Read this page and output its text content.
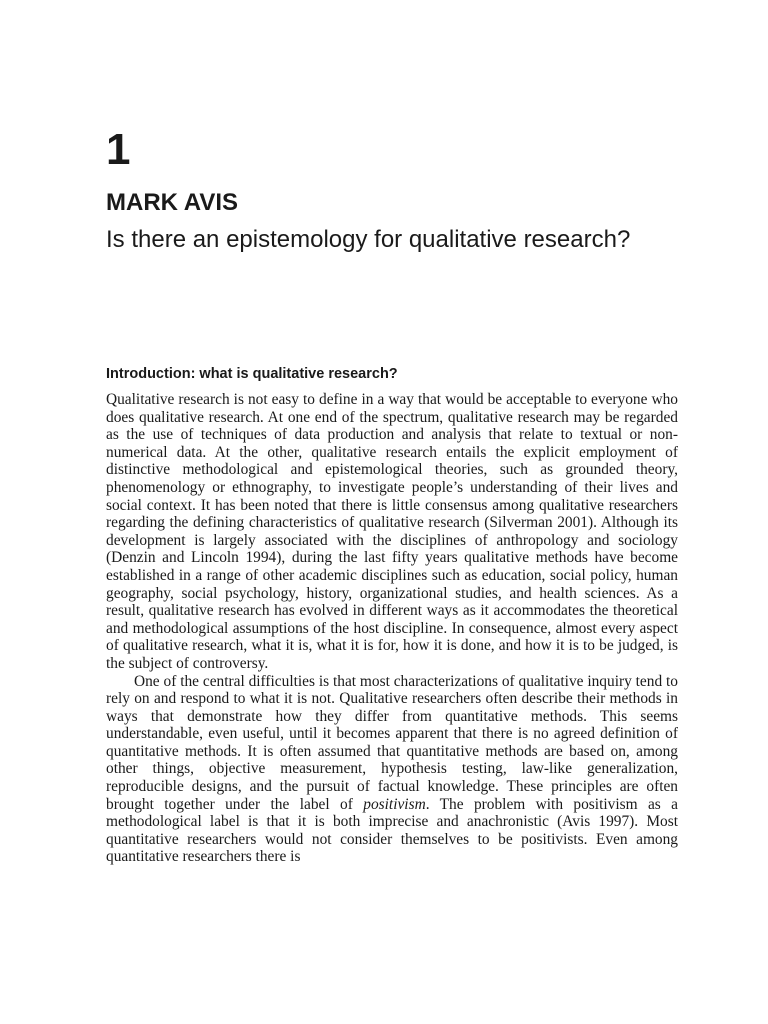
1
MARK AVIS
Is there an epistemology for qualitative research?
Introduction: what is qualitative research?

Qualitative research is not easy to define in a way that would be acceptable to everyone who does qualitative research. At one end of the spectrum, qualitative research may be regarded as the use of techniques of data production and analysis that relate to textual or non-numerical data. At the other, qualitative research entails the explicit employment of distinctive methodological and epistemological theories, such as grounded theory, phenomenology or ethnography, to investigate people’s understanding of their lives and social context. It has been noted that there is little consensus among qualitative researchers regarding the defining characteristics of qualitative research (Silverman 2001). Although its development is largely associated with the disciplines of anthropology and sociology (Denzin and Lincoln 1994), during the last fifty years qualitative methods have become established in a range of other academic disciplines such as education, social policy, human geography, social psychology, history, organizational studies, and health sciences. As a result, qualitative research has evolved in different ways as it accommodates the theoretical and methodological assumptions of the host discipline. In consequence, almost every aspect of qualitative research, what it is, what it is for, how it is done, and how it is to be judged, is the subject of controversy.

One of the central difficulties is that most characterizations of qualitative inquiry tend to rely on and respond to what it is not. Qualitative researchers often describe their methods in ways that demonstrate how they differ from quantitative methods. This seems understandable, even useful, until it becomes apparent that there is no agreed definition of quantitative methods. It is often assumed that quantitative methods are based on, among other things, objective measurement, hypothesis testing, law-like generalization, reproducible designs, and the pursuit of factual knowledge. These principles are often brought together under the label of positivism. The problem with positivism as a methodological label is that it is both imprecise and anachronistic (Avis 1997). Most quantitative researchers would not consider themselves to be positivists. Even among quantitative researchers there is
